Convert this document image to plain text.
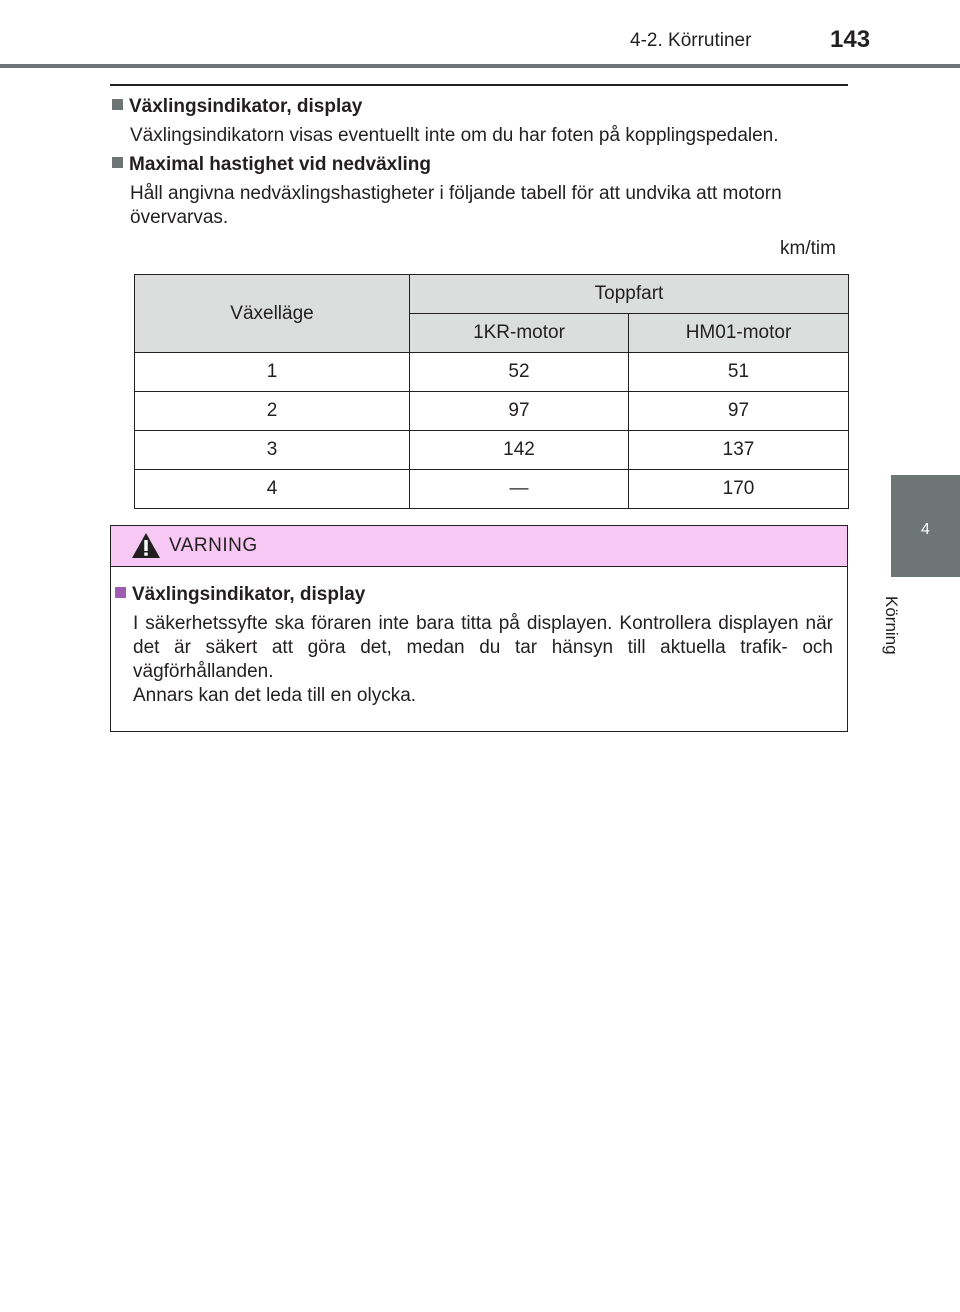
4-2. Körrutiner	143
4
Körning
Växlingsindikator, display
Växlingsindikatorn visas eventuellt inte om du har foten på kopplingspedalen.
Maximal hastighet vid nedväxling
Håll angivna nedväxlingshastigheter i följande tabell för att undvika att motorn övervarvas.
km/tim
Växelläge	Toppfart	
	1KR-motor	HM01-motor
1	52	51
2	97	97
3	142	137
4	—	170
VARNING
Växlingsindikator, display
I säkerhetssyfte ska föraren inte bara titta på displayen. Kontrollera displayen när det är säkert att göra det, medan du tar hänsyn till aktuella trafik- och vägförhållanden.
Annars kan det leda till en olycka.
